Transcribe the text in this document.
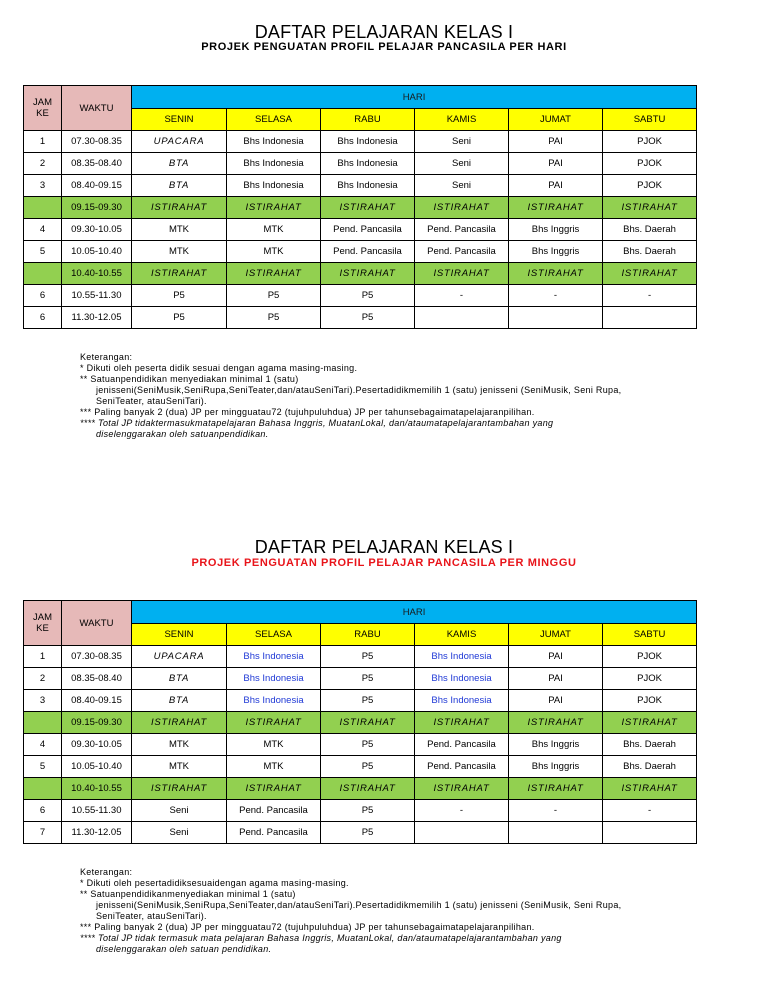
DAFTAR PELAJARAN KELAS I
PROJEK PENGUATAN PROFIL PELAJAR PANCASILA PER HARI
JAM
KE	WAKTU	HARI					
		SENIN	SELASA	RABU	KAMIS	JUMAT	SABTU
1	07.30-08.35	UPACARA	Bhs Indonesia	Bhs Indonesia	Seni	PAI	PJOK
2	08.35-08.40	BTA	Bhs Indonesia	Bhs Indonesia	Seni	PAI	PJOK
3	08.40-09.15	BTA	Bhs Indonesia	Bhs Indonesia	Seni	PAI	PJOK
	09.15-09.30	ISTIRAHAT	ISTIRAHAT	ISTIRAHAT	ISTIRAHAT	ISTIRAHAT	ISTIRAHAT
4	09.30-10.05	MTK	MTK	Pend. Pancasila	Pend. Pancasila	Bhs Inggris	Bhs. Daerah
5	10.05-10.40	MTK	MTK	Pend. Pancasila	Pend. Pancasila	Bhs Inggris	Bhs. Daerah
	10.40-10.55	ISTIRAHAT	ISTIRAHAT	ISTIRAHAT	ISTIRAHAT	ISTIRAHAT	ISTIRAHAT
6	10.55-11.30	P5	P5	P5	-	-	-
6	11.30-12.05	P5	P5	P5			
Keterangan:
* Dikuti oleh peserta didik sesuai dengan agama masing-masing.
** Satuanpendidikan menyediakan minimal 1 (satu)
jenisseni(SeniMusik,SeniRupa,SeniTeater,dan/atauSeniTari).Pesertadidikmemilih 1 (satu) jenisseni (SeniMusik, Seni Rupa,
SeniTeater, atauSeniTari).
*** Paling banyak 2 (dua) JP per mingguatau72 (tujuhpuluhdua) JP per tahunsebagaimatapelajaranpilihan.
**** Total JP tidaktermasukmatapelajaran Bahasa Inggris, MuatanLokal, dan/ataumatapelajarantambahan yang
diselenggarakan oleh satuanpendidikan.
DAFTAR PELAJARAN KELAS I
PROJEK PENGUATAN PROFIL PELAJAR PANCASILA PER MINGGU
JAM
KE	WAKTU	HARI					
		SENIN	SELASA	RABU	KAMIS	JUMAT	SABTU
1	07.30-08.35	UPACARA	Bhs Indonesia	P5	Bhs Indonesia	PAI	PJOK
2	08.35-08.40	BTA	Bhs Indonesia	P5	Bhs Indonesia	PAI	PJOK
3	08.40-09.15	BTA	Bhs Indonesia	P5	Bhs Indonesia	PAI	PJOK
	09.15-09.30	ISTIRAHAT	ISTIRAHAT	ISTIRAHAT	ISTIRAHAT	ISTIRAHAT	ISTIRAHAT
4	09.30-10.05	MTK	MTK	P5	Pend. Pancasila	Bhs Inggris	Bhs. Daerah
5	10.05-10.40	MTK	MTK	P5	Pend. Pancasila	Bhs Inggris	Bhs. Daerah
	10.40-10.55	ISTIRAHAT	ISTIRAHAT	ISTIRAHAT	ISTIRAHAT	ISTIRAHAT	ISTIRAHAT
6	10.55-11.30	Seni	Pend. Pancasila	P5	-	-	-
7	11.30-12.05	Seni	Pend. Pancasila	P5			
Keterangan:
* Dikuti oleh pesertadidiksesuaidengan agama masing-masing.
** Satuanpendidikanmenyediakan minimal 1 (satu)
jenisseni(SeniMusik,SeniRupa,SeniTeater,dan/atauSeniTari).Pesertadidikmemilih 1 (satu) jenisseni (SeniMusik, Seni Rupa,
SeniTeater, atauSeniTari).
*** Paling banyak 2 (dua) JP per mingguatau72 (tujuhpuluhdua) JP per tahunsebagaimatapelajaranpilihan.
**** Total JP tidak termasuk mata pelajaran Bahasa Inggris, MuatanLokal, dan/ataumatapelajarantambahan yang
diselenggarakan oleh satuan pendidikan.
